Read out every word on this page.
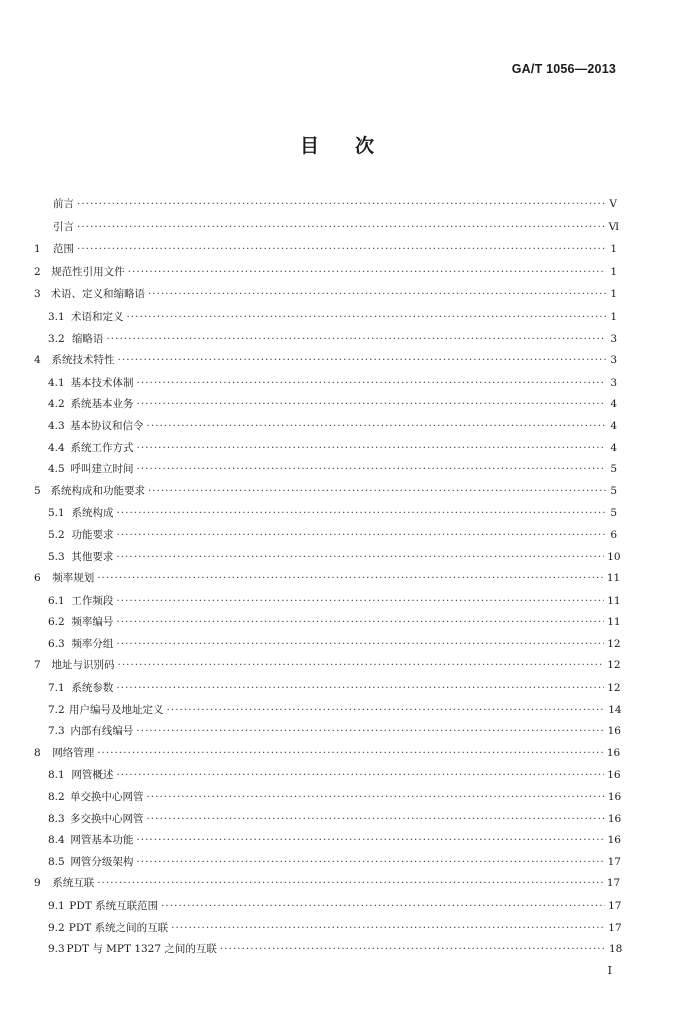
GA/T 1056—2013
目 次
前言 ·····	Ⅴ
引言 ·····	Ⅵ
1	范围 ·····	1
2	规范性引用文件 ·····	1
3 术语、定义和缩略语 ·····	1
3.1 术语和定义 ·····	1
3.2 缩略语 ·····	3
4	系统技术特性 ·····	3
4.1 基本技术体制 ·····	3
4.2 系统基本业务 ·····	4
4.3 基本协议和信令 ·····	4
4.4 系统工作方式 ·····	4
4.5 呼叫建立时间 ·····	5
5 系统构成和功能要求 ·····	5
5.1 系统构成 ·····	5
5.2 功能要求 ·····	6
5.3 其他要求 ·····	10
6	频率规划 ·····	11
6.1 工作频段 ·····	11
6.2 频率编号 ·····	11
6.3 频率分组 ·····	12
7	地址与识别码 ·····	12
7.1 系统参数 ·····	12
7.2 用户编号及地址定义 ·····	14
7.3 内部有线编号 ·····	16
8	网络管理 ·····	16
8.1 网管概述 ·····	16
8.2 单交换中心网管 ·····	16
8.3 多交换中心网管 ·····	16
8.4 网管基本功能 ·····	16
8.5 网管分级架构 ·····	17
9	系统互联 ·····	17
9.1 PDT 系统互联范围 ·····	17
9.2 PDT 系统之间的互联 ·····	17
9.3 PDT 与 MPT 1327 之间的互联 ·····	18
I
